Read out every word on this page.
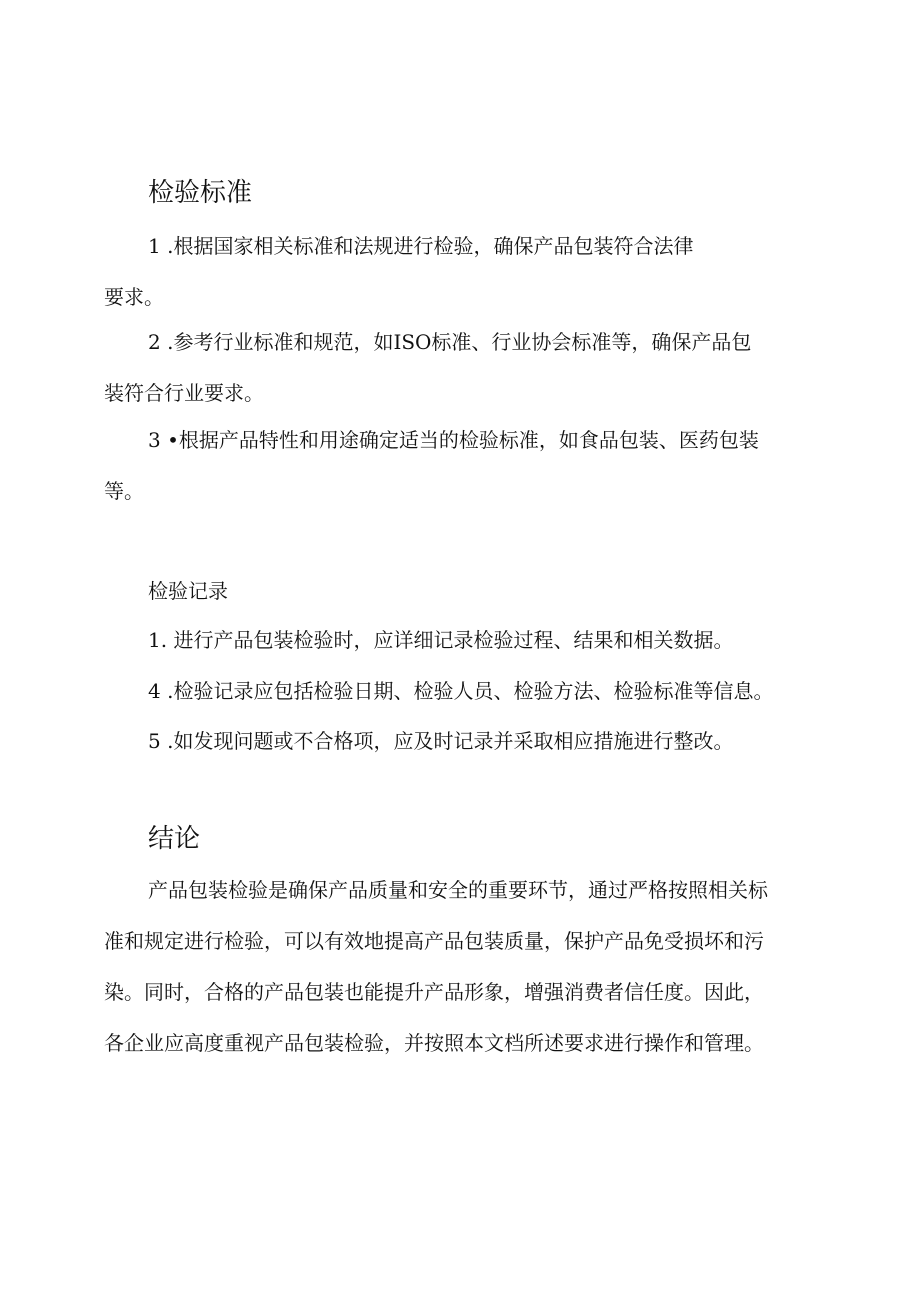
检验标准
1 .根据国家相关标准和法规进行检验，确保产品包装符合法律
要求。
2 .参考行业标准和规范，如ISO标准、行业协会标准等，确保产品包
装符合行业要求。
3 •根据产品特性和用途确定适当的检验标准，如食品包装、医药包装
等。
检验记录
1. 进行产品包装检验时，应详细记录检验过程、结果和相关数据。
4 .检验记录应包括检验日期、检验人员、检验方法、检验标准等信息。
5 .如发现问题或不合格项，应及时记录并采取相应措施进行整改。
结论
产品包装检验是确保产品质量和安全的重要环节，通过严格按照相关标
准和规定进行检验，可以有效地提高产品包装质量，保护产品免受损坏和污
染。同时，合格的产品包装也能提升产品形象，增强消费者信任度。因此，
各企业应高度重视产品包装检验，并按照本文档所述要求进行操作和管理。
